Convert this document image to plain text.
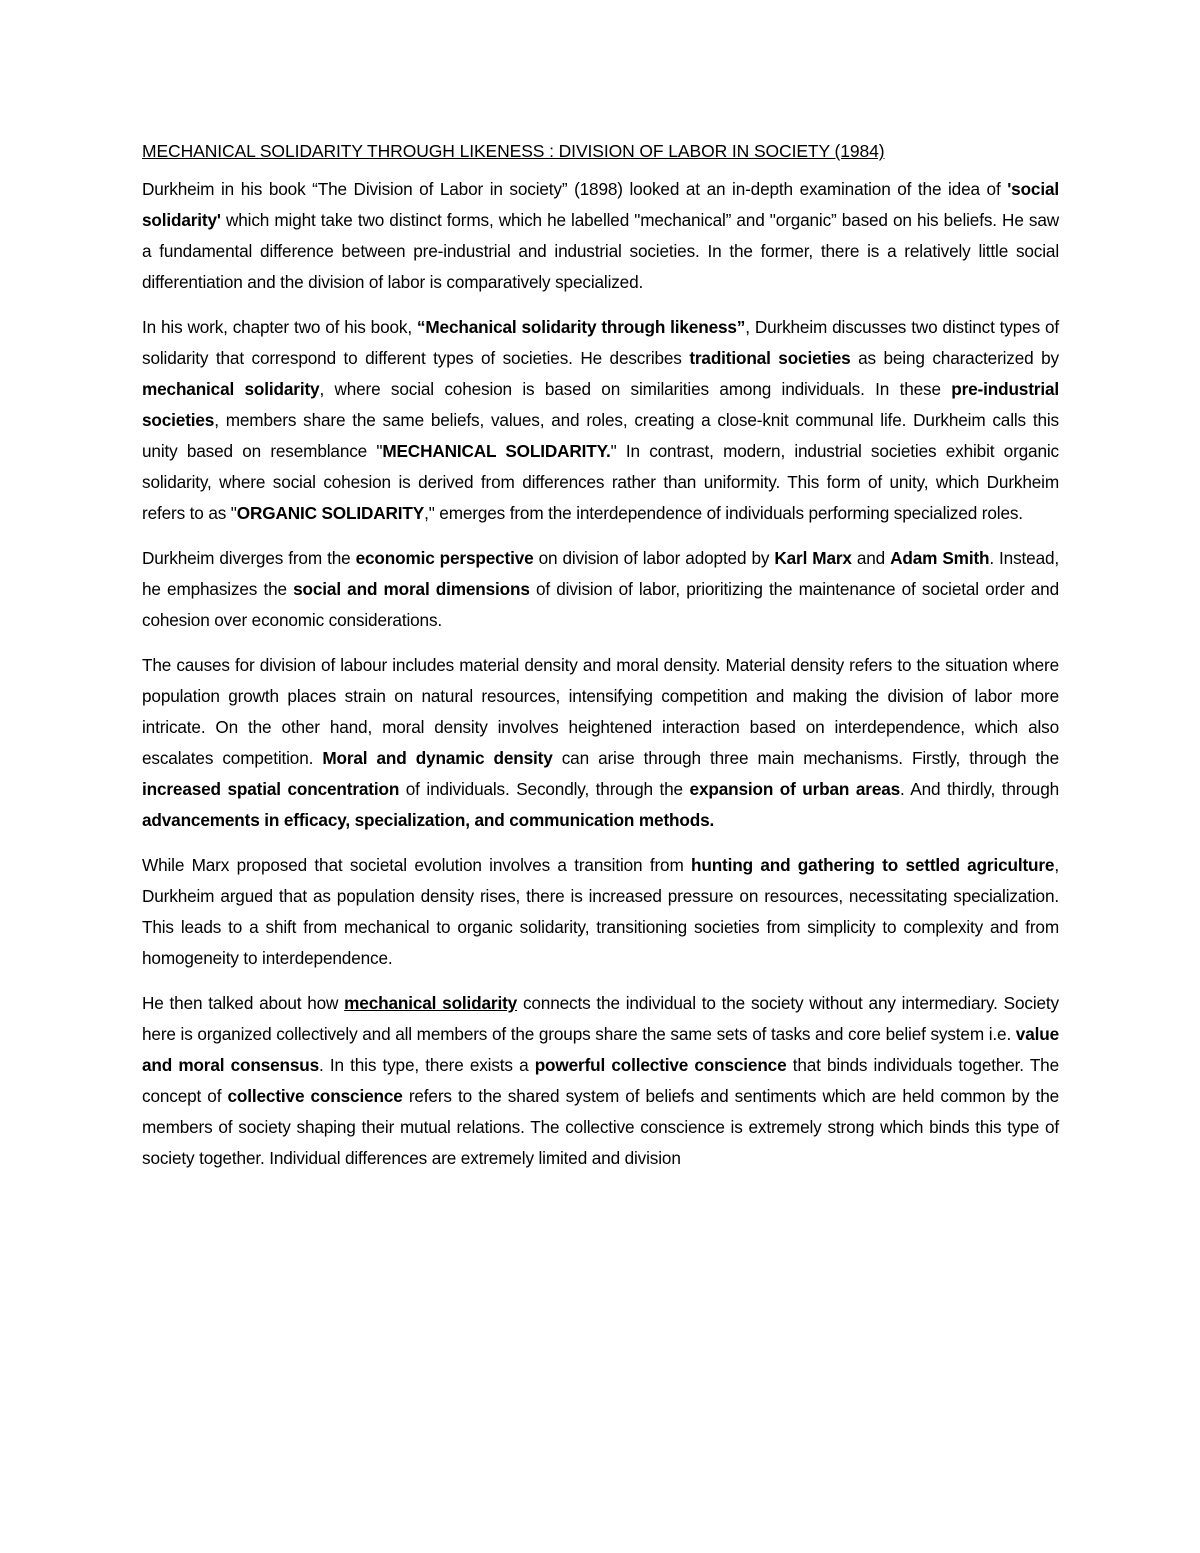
MECHANICAL SOLIDARITY THROUGH LIKENESS : DIVISION OF LABOR IN SOCIETY (1984)

Durkheim in his book “The Division of Labor in society” (1898) looked at an in-depth examination of the idea of 'social solidarity' which might take two distinct forms, which he labelled "mechanical” and "organic” based on his beliefs. He saw a fundamental difference between pre-industrial and industrial societies. In the former, there is a relatively little social differentiation and the division of labor is comparatively specialized.

In his work, chapter two of his book, “Mechanical solidarity through likeness”, Durkheim discusses two distinct types of solidarity that correspond to different types of societies. He describes traditional societies as being characterized by mechanical solidarity, where social cohesion is based on similarities among individuals. In these pre-industrial societies, members share the same beliefs, values, and roles, creating a close-knit communal life. Durkheim calls this unity based on resemblance "MECHANICAL SOLIDARITY." In contrast, modern, industrial societies exhibit organic solidarity, where social cohesion is derived from differences rather than uniformity. This form of unity, which Durkheim refers to as "ORGANIC SOLIDARITY," emerges from the interdependence of individuals performing specialized roles.

Durkheim diverges from the economic perspective on division of labor adopted by Karl Marx and Adam Smith. Instead, he emphasizes the social and moral dimensions of division of labor, prioritizing the maintenance of societal order and cohesion over economic considerations.

The causes for division of labour includes material density and moral density. Material density refers to the situation where population growth places strain on natural resources, intensifying competition and making the division of labor more intricate. On the other hand, moral density involves heightened interaction based on interdependence, which also escalates competition. Moral and dynamic density can arise through three main mechanisms. Firstly, through the increased spatial concentration of individuals. Secondly, through the expansion of urban areas. And thirdly, through advancements in efficacy, specialization, and communication methods.

While Marx proposed that societal evolution involves a transition from hunting and gathering to settled agriculture, Durkheim argued that as population density rises, there is increased pressure on resources, necessitating specialization. This leads to a shift from mechanical to organic solidarity, transitioning societies from simplicity to complexity and from homogeneity to interdependence.

He then talked about how mechanical solidarity connects the individual to the society without any intermediary. Society here is organized collectively and all members of the groups share the same sets of tasks and core belief system i.e. value and moral consensus. In this type, there exists a powerful collective conscience that binds individuals together. The concept of collective conscience refers to the shared system of beliefs and sentiments which are held common by the members of society shaping their mutual relations. The collective conscience is extremely strong which binds this type of society together. Individual differences are extremely limited and division
